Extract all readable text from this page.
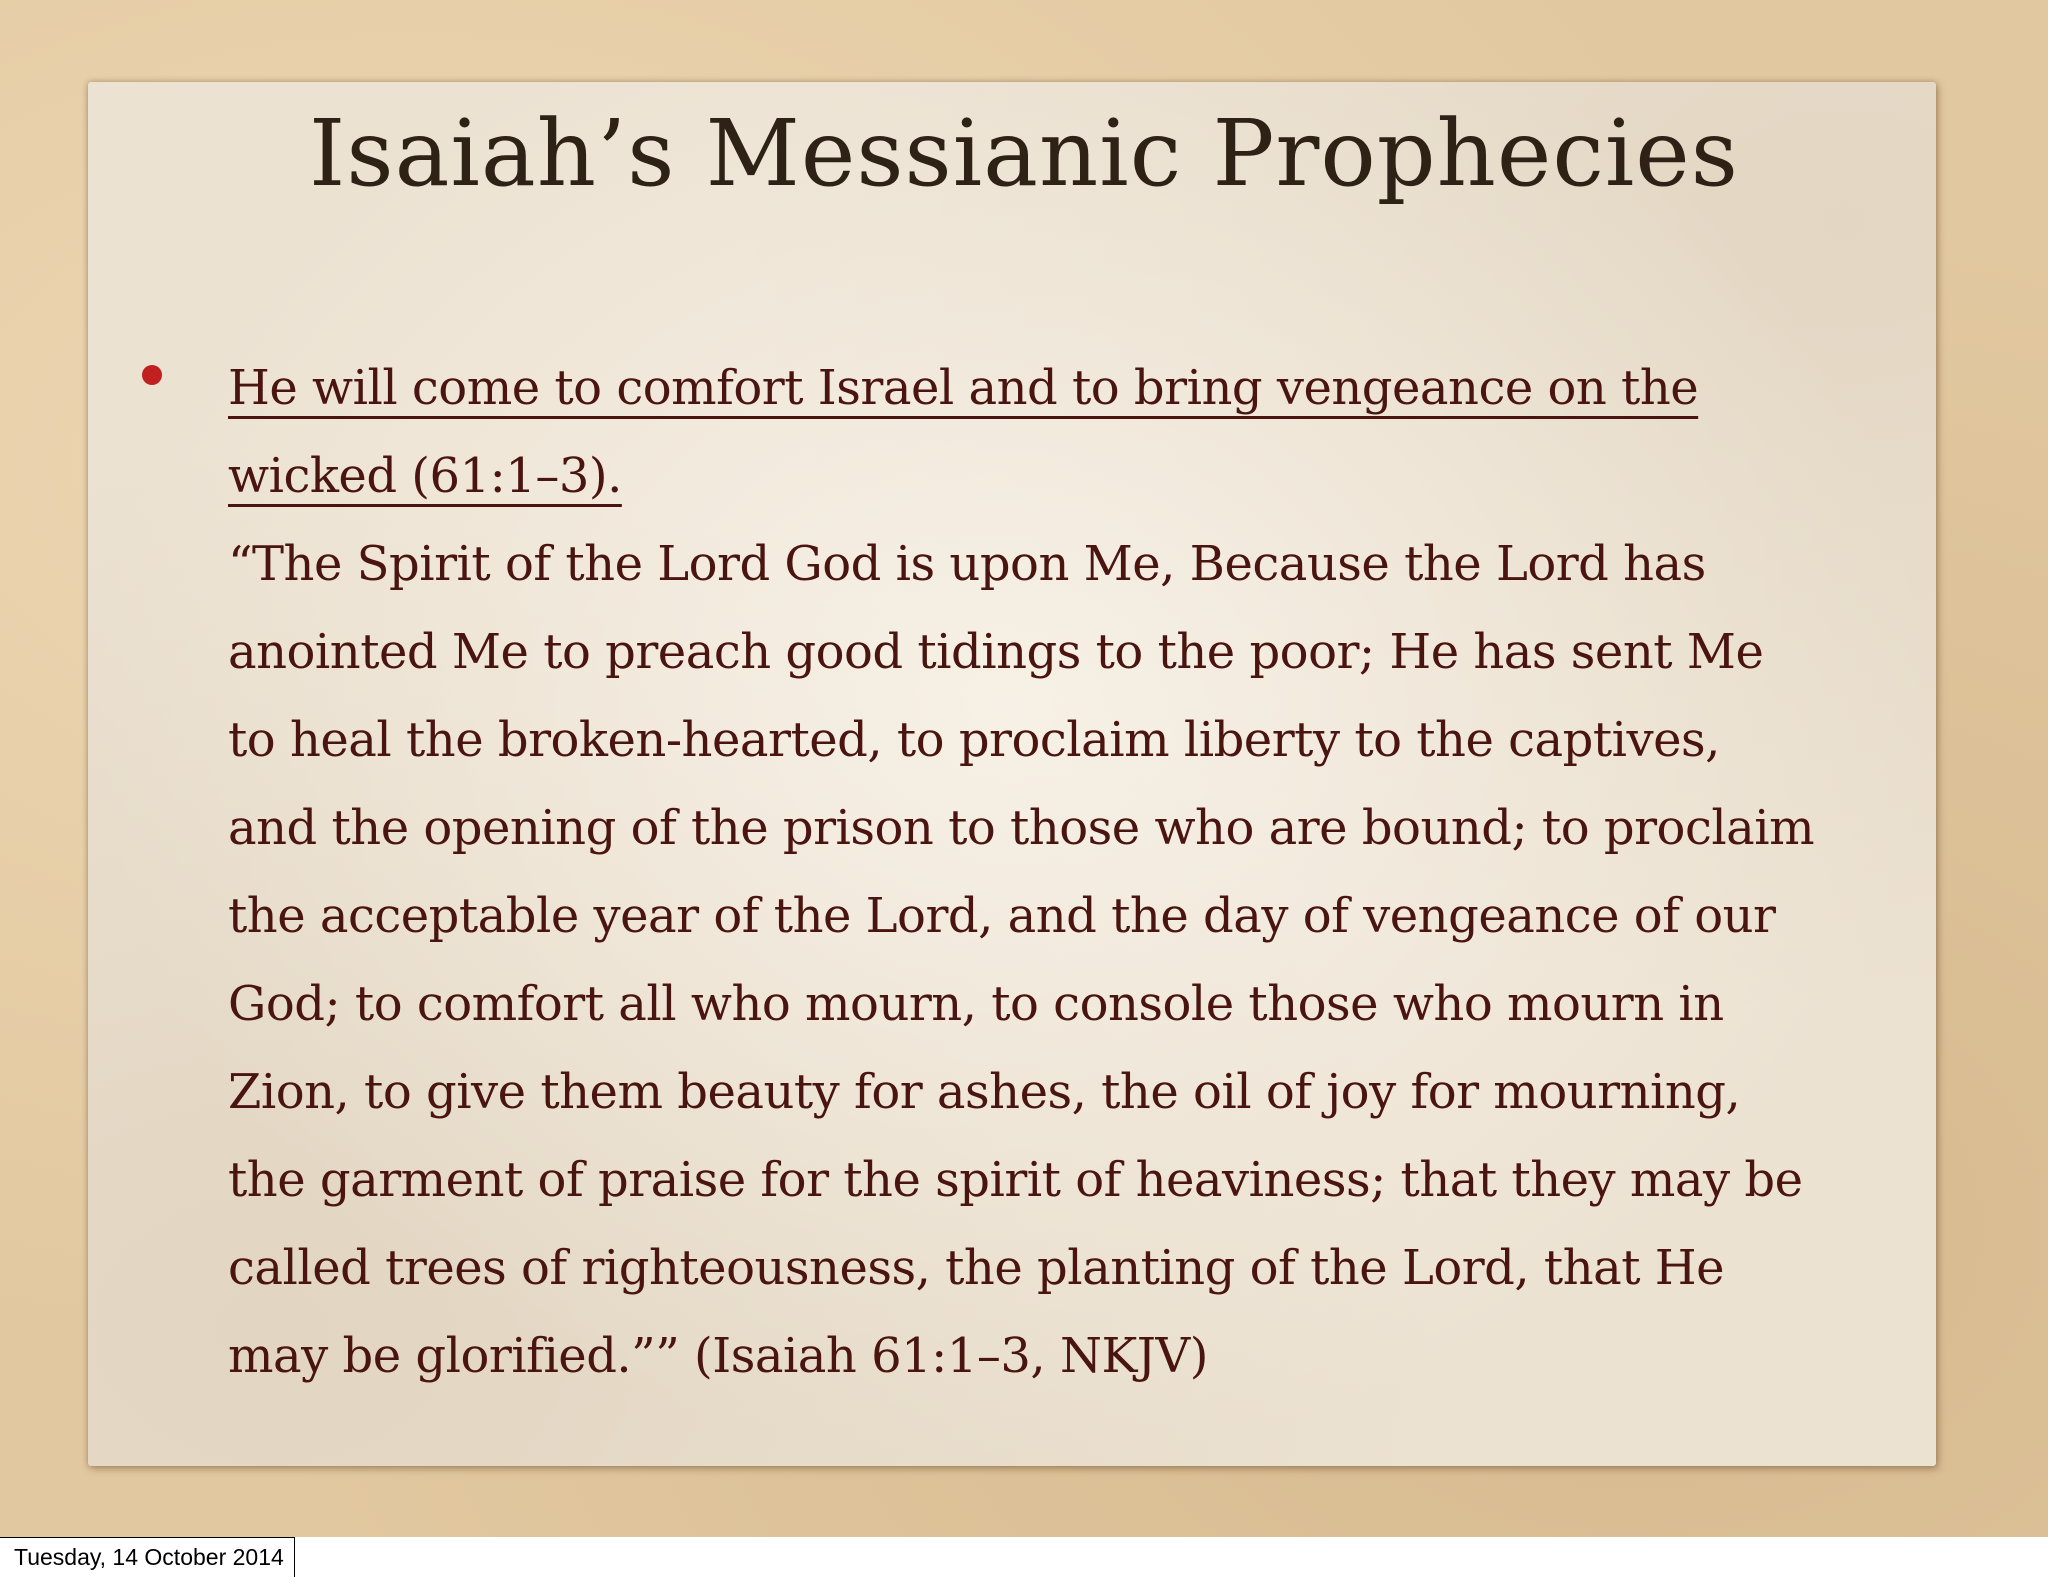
Isaiah’s Messianic Prophecies
He will come to comfort Israel and to bring vengeance on the
wicked (61:1–3).
“The Spirit of the Lord God is upon Me, Because the Lord has
anointed Me to preach good tidings to the poor; He has sent Me
to heal the broken-hearted, to proclaim liberty to the captives,
and the opening of the prison to those who are bound; to proclaim
the acceptable year of the Lord, and the day of vengeance of our
God; to comfort all who mourn, to console those who mourn in
Zion, to give them beauty for ashes, the oil of joy for mourning,
the garment of praise for the spirit of heaviness; that they may be
called trees of righteousness, the planting of the Lord, that He
may be glorified.”” (Isaiah 61:1–3, NKJV)
Tuesday, 14 October 2014
